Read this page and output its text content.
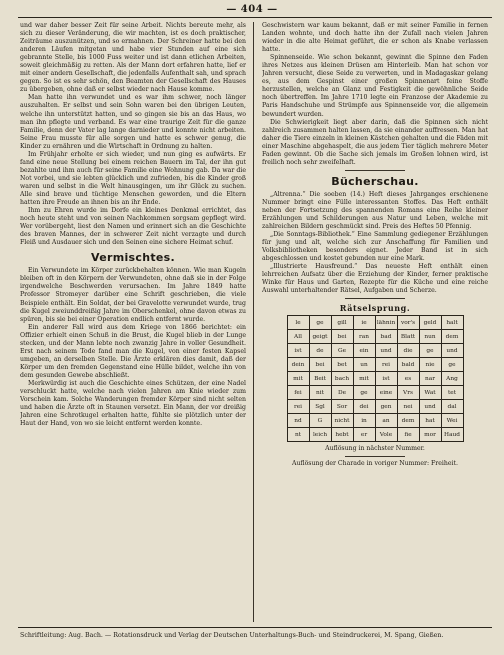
— 404 —

und war daher besser Zeit für seine Arbeit. Nichts bereute mehr, als sich zu dieser Veränderung, die wir machten, ist es doch praktischer, Zeiträume auszunützen, und so ermahnen. Der Schreiner hatte bei den anderen Läufen mitgetan und habe vier Stunden auf eine sich gebrannte Stelle, bis 1000 Fuss weiter und ist dann etlichen Arbeiten, soweit gleichmäßig zu retten. Als der Mann dort erfahren hatte, lief er mit einer andern Gesellschaft, die jedenfalls Aufenthalt sah, und sprach gegen. So ist es sehr schön, den Beamten der Gesellschaft des Hauses zu übergeben, ohne daß er selbst wieder nach Hause komme.

Man hatte ihn verwundet und es war ihm schwer, noch länger auszuhalten. Er selbst und sein Sohn waren bei den übrigen Leuten, welche ihn unterstützt hatten, und so gingen sie bis an das Haus, wo man ihn pflegte und verband. Es war eine traurige Zeit für die ganze Familie, denn der Vater lag lange darnieder und konnte nicht arbeiten. Seine Frau musste für alle sorgen und hatte es schwer genug, die Kinder zu ernähren und die Wirtschaft in Ordnung zu halten.

Im Frühjahr erholte er sich wieder, und nun ging es aufwärts. Er fand eine neue Stellung bei einem reichen Bauern im Tal, der ihn gut bezahlte und ihm auch für seine Familie eine Wohnung gab. Da war die Not vorbei, und sie lebten glücklich und zufrieden, bis die Kinder groß waren und selbst in die Welt hinausgingen, um ihr Glück zu suchen. Alle sind brave und tüchtige Menschen geworden, und die Eltern hatten ihre Freude an ihnen bis an ihr Ende.

Ihm zu Ehren wurde im Dorfe ein kleines Denkmal errichtet, das noch heute steht und von seinen Nachkommen sorgsam gepflegt wird. Wer vorübergeht, liest den Namen und erinnert sich an die Geschichte des braven Mannes, der in schwerer Zeit nicht verzagte und durch Fleiß und Ausdauer sich und den Seinen eine sichere Heimat schuf.

Vermischtes.

Ein Verwundete im Körper zurückbehalten können. Wie man Kugeln bleiben oft in den Körpern der Verwundeten, ohne daß sie in der Folge irgendwelche Beschwerden verursachen. Im Jahre 1849 hatte Professor Stromeyer darüber eine Schrift geschrieben, die viele Beispiele enthält. Ein Soldat, der bei Gravelotte verwundet wurde, trug die Kugel zweiunddreißig Jahre im Oberschenkel, ohne davon etwas zu spüren, bis sie bei einer Operation endlich entfernt wurde.

Ein anderer Fall wird aus dem Kriege von 1866 berichtet: ein Offizier erhielt einen Schuß in die Brust, die Kugel blieb in der Lunge stecken, und der Mann lebte noch zwanzig Jahre in voller Gesundheit. Erst nach seinem Tode fand man die Kugel, von einer festen Kapsel umgeben, an derselben Stelle. Die Ärzte erklären dies damit, daß der Körper um den fremden Gegenstand eine Hülle bildet, welche ihn von dem gesunden Gewebe abschließt.

Merkwürdig ist auch die Geschichte eines Schützen, der eine Nadel verschluckt hatte, welche nach vielen Jahren am Knie wieder zum Vorschein kam. Solche Wanderungen fremder Körper sind nicht selten und haben die Ärzte oft in Staunen versetzt. Ein Mann, der vor dreißig Jahren eine Schrotkugel erhalten hatte, fühlte sie plötzlich unter der Haut der Hand, von wo sie leicht entfernt werden konnte.

Geschwistern war kaum bekannt, daß er mit seiner Familie in fernen Landen wohnte, und doch hatte ihn der Zufall nach vielen Jahren wieder in die alte Heimat geführt, die er schon als Knabe verlassen hatte.

Spinnenseide. Wie schon bekannt, gewinnt die Spinne den Faden ihres Netzes aus kleinen Drüsen am Hinterleib. Man hat schon vor Jahren versucht, diese Seide zu verwerten, und in Madagaskar gelang es, aus dem Gespinst einer großen Spinnenart feine Stoffe herzustellen, welche an Glanz und Festigkeit die gewöhnliche Seide noch übertreffen. Im Jahre 1710 legte ein Franzose der Akademie zu Paris Handschuhe und Strümpfe aus Spinnenseide vor, die allgemein bewundert wurden.

Die Schwierigkeit liegt aber darin, daß die Spinnen sich nicht zahlreich zusammen halten lassen, da sie einander auffressen. Man hat daher die Tiere einzeln in kleinen Kästchen gehalten und die Fäden mit einer Maschine abgehaspelt, die aus jedem Tier täglich mehrere Meter Faden gewinnt. Ob die Sache sich jemals im Großen lohnen wird, ist freilich noch sehr zweifelhaft.

Bücherschau.

„Altrenna.“ Die soeben (14.) Heft dieses Jahrganges erschienene Nummer bringt eine Fülle interessanten Stoffes. Das Heft enthält neben der Fortsetzung des spannenden Romans eine Reihe kleiner Erzählungen und Schilderungen aus Natur und Leben, welche mit zahlreichen Bildern geschmückt sind. Preis des Heftes 50 Pfennig.

„Die Sonntags-Bibliothek.“ Eine Sammlung gediegener Erzählungen für jung und alt, welche sich zur Anschaffung für Familien und Volksbibliotheken besonders eignet. Jeder Band ist in sich abgeschlossen und kostet gebunden nur eine Mark.

„Illustrierte Hausfreund.“ Das neueste Heft enthält einen lehrreichen Aufsatz über die Erziehung der Kinder, ferner praktische Winke für Haus und Garten, Rezepte für die Küche und eine reiche Auswahl unterhaltender Rätsel, Aufgaben und Scherze.

Rätselsprung.
le	ge	gill	ie	lähnin	vor's	geld	halt
All	geigt	bei	ran	bad	Blatt	nun	dem
ist	de	Ge	ein	und	die	ge	und
dein	bei	bet	un	rei	bald	nie	ge
mit	Beit	bach	mit	ist	es	nar	Ang
fei	nit	De	ge	eine	Vrs	Wat	tet
rei	Sgl	Sor	dei	gen	nei	und	dal
nd	G	nicht	in	an	dem	hat	Wei
nt	leich	hebt	er	Vole	fie	mor	Haud

Auflösung in nächster Nummer.

Auflösung der Charade in voriger Nummer: Freiheit.

Schriftleitung: Aug. Bach. — Rotationsdruck und Verlag der Deutschen Unterhaltungs-Buch- und Steindruckerei, M. Spang, Gießen.
